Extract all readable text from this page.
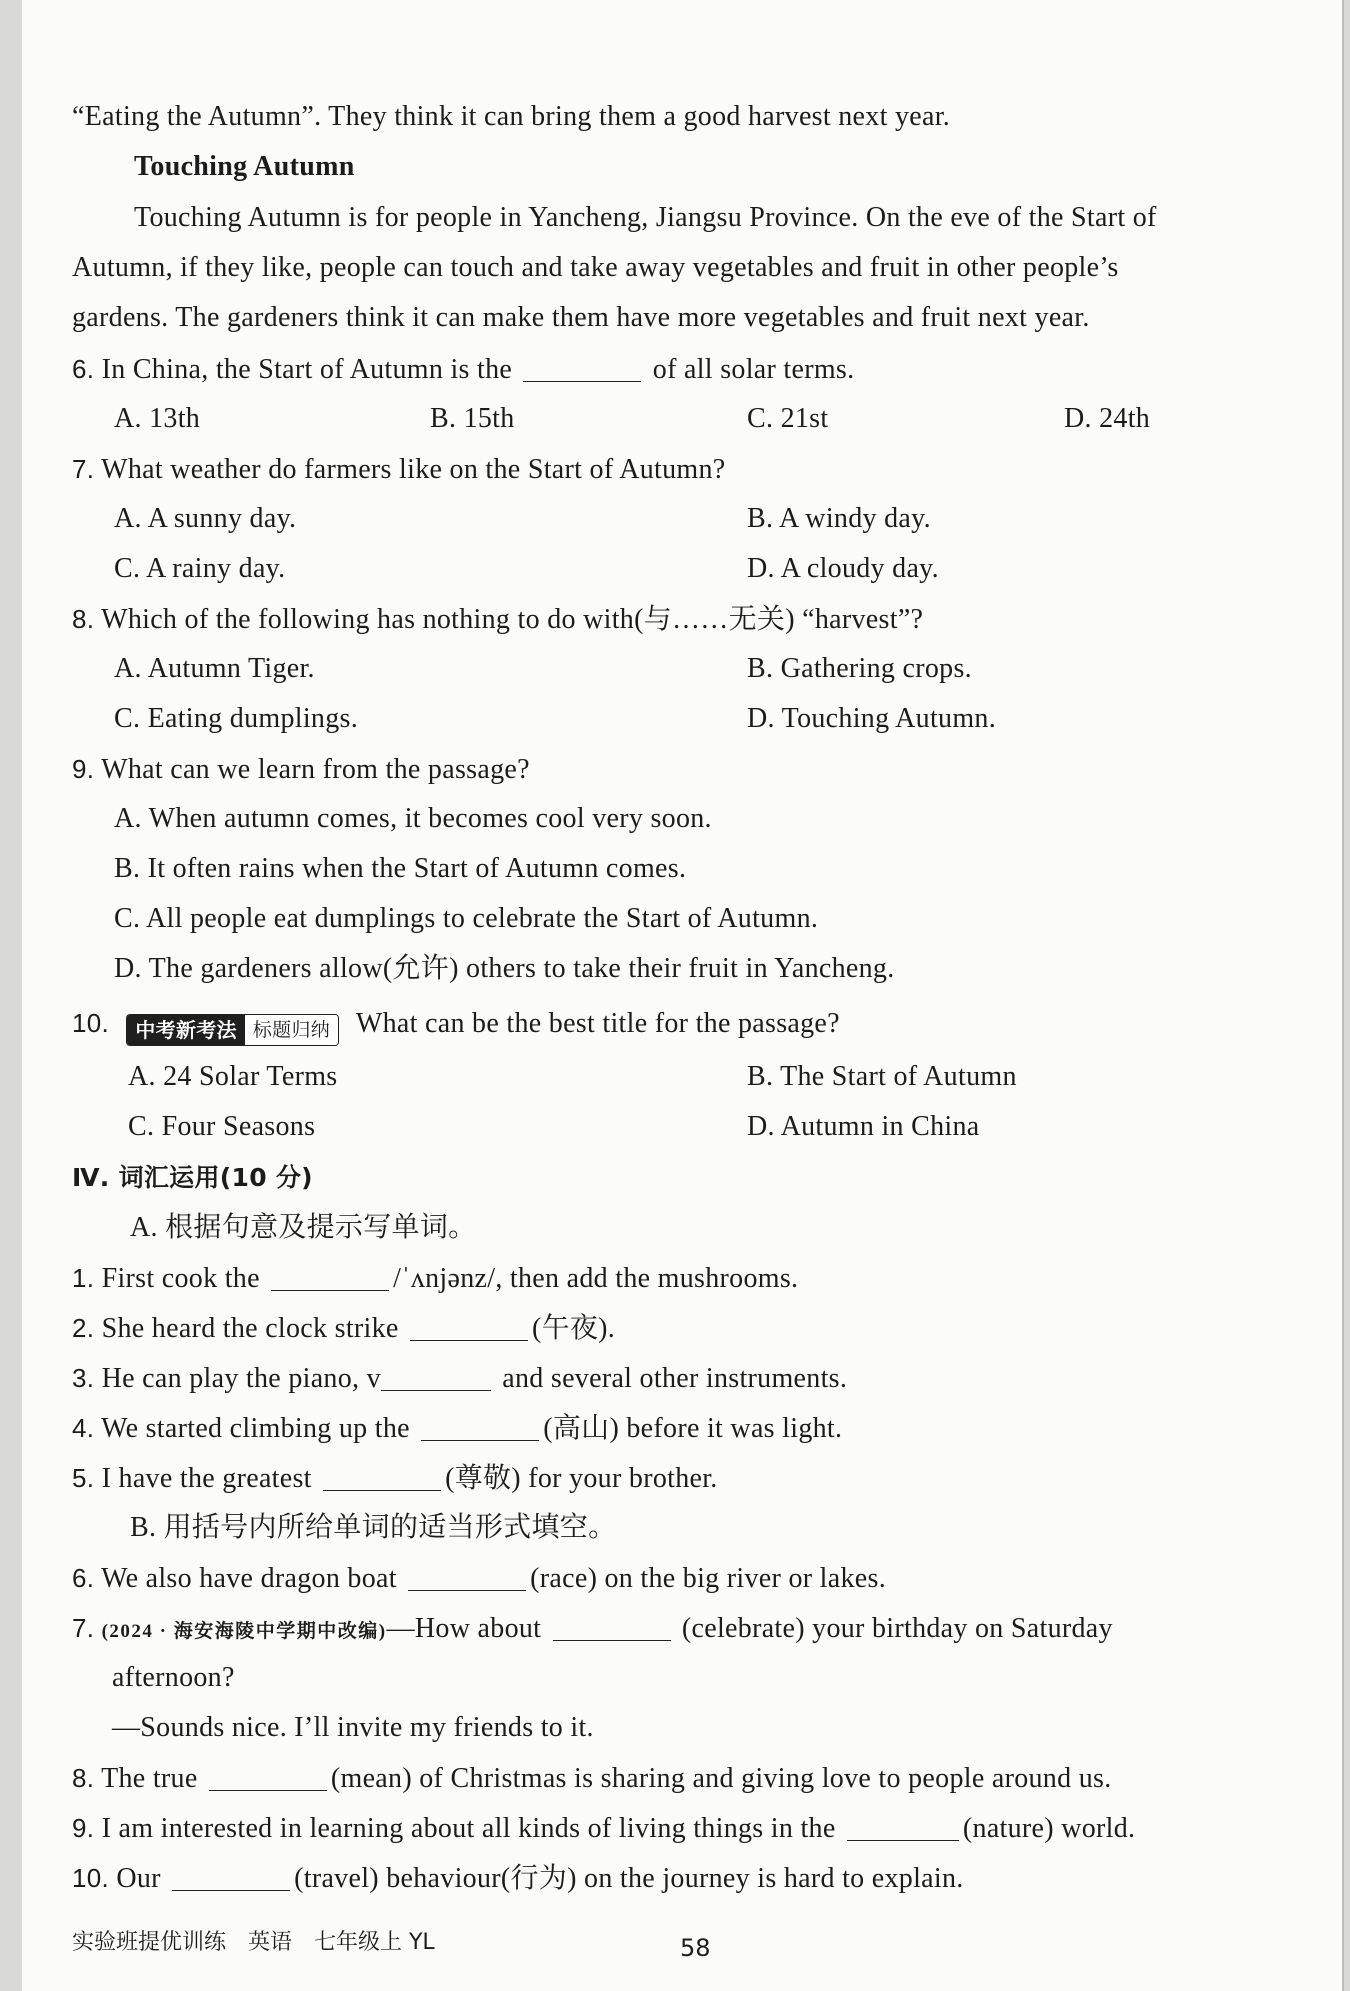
“Eating the Autumn”. They think it can bring them a good harvest next year.
Touching Autumn
Touching Autumn is for people in Yancheng, Jiangsu Province. On the eve of the Start of
Autumn, if they like, people can touch and take away vegetables and fruit in other people’s
gardens. The gardeners think it can make them have more vegetables and fruit next year.
6. In China, the Start of Autumn is the	of all solar terms.
A. 13th	B. 15th	C. 21st	D. 24th
7. What weather do farmers like on the Start of Autumn?
A. A sunny day.	B. A windy day.
C. A rainy day.	D. A cloudy day.
8. Which of the following has nothing to do with(与……无关) “harvest”?
A. Autumn Tiger.	B. Gathering crops.
C. Eating dumplings.	D. Touching Autumn.
9. What can we learn from the passage?
A. When autumn comes, it becomes cool very soon.
B. It often rains when the Start of Autumn comes.
C. All people eat dumplings to celebrate the Start of Autumn.
D. The gardeners allow(允许) others to take their fruit in Yancheng.
10.	中考新考法 标题归纳 What can be the best title for the passage?
A. 24 Solar Terms	B. The Start of Autumn
C. Four Seasons	D. Autumn in China
Ⅳ. 词汇运用(10 分)
A. 根据句意及提示写单词。
1. First cook the	/ˈʌnjənz/, then add the mushrooms.
2. She heard the clock strike	(午夜).
3. He can play the piano, v	and several other instruments.
4. We started climbing up the	(高山) before it was light.
5. I have the greatest	(尊敬) for your brother.
B. 用括号内所给单词的适当形式填空。
6. We also have dragon boat	(race) on the big river or lakes.
7. (2024 · 海安海陵中学期中改编)—How about	(celebrate) your birthday on Saturday
afternoon?
—Sounds nice. I’ll invite my friends to it.
8. The true	(mean) of Christmas is sharing and giving love to people around us.
9. I am interested in learning about all kinds of living things in the	(nature) world.
10. Our	(travel) behaviour(行为) on the journey is hard to explain.
实验班提优训练　英语　七年级上 YL	58
